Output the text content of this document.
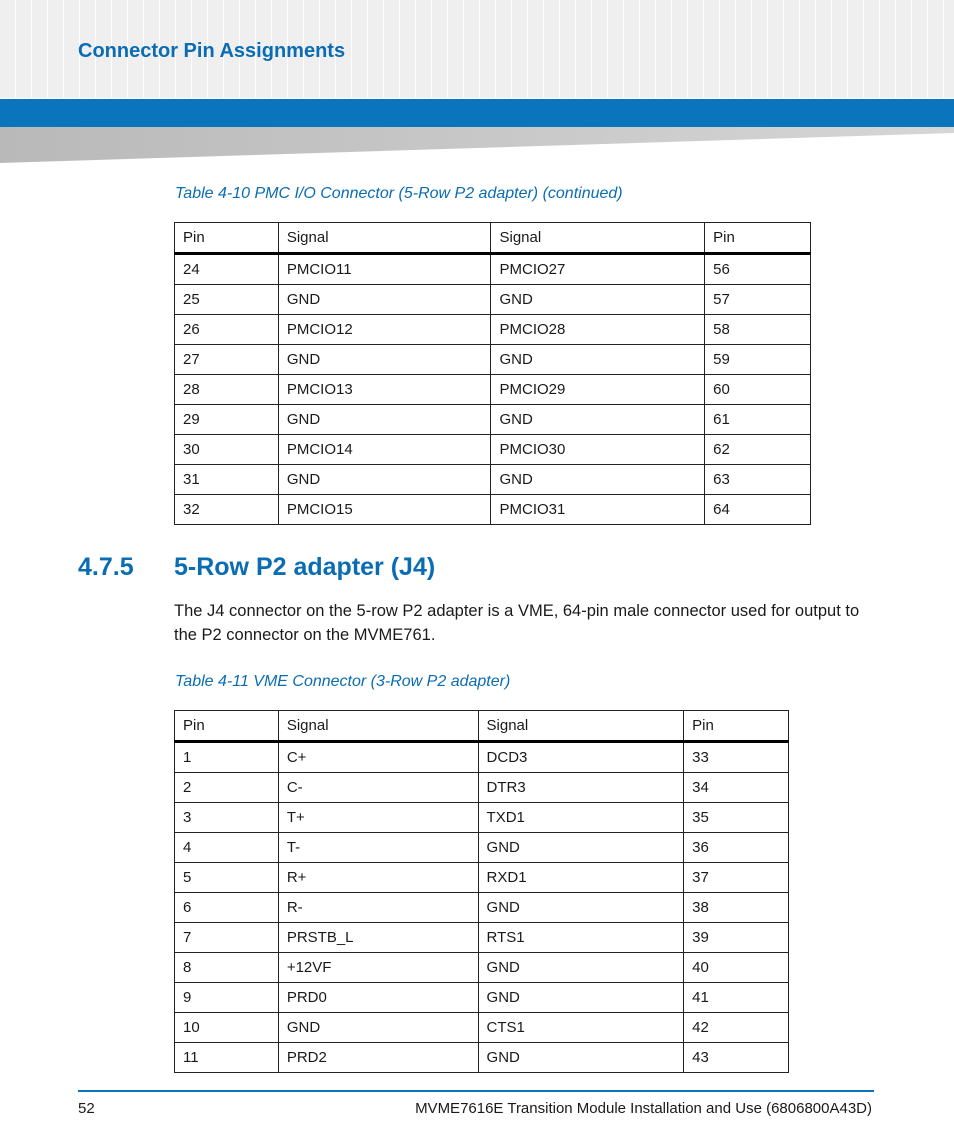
Connector Pin Assignments
Table 4-10 PMC I/O Connector (5-Row P2 adapter) (continued)
Pin	Signal	Signal	Pin
24	PMCIO11	PMCIO27	56
25	GND	GND	57
26	PMCIO12	PMCIO28	58
27	GND	GND	59
28	PMCIO13	PMCIO29	60
29	GND	GND	61
30	PMCIO14	PMCIO30	62
31	GND	GND	63
32	PMCIO15	PMCIO31	64
4.7.5 5-Row P2 adapter (J4)
The J4 connector on the 5-row P2 adapter is a VME, 64-pin male connector used for output to the P2 connector on the MVME761.
Table 4-11 VME Connector (3-Row P2 adapter)
Pin	Signal	Signal	Pin
1	C+	DCD3	33
2	C-	DTR3	34
3	T+	TXD1	35
4	T-	GND	36
5	R+	RXD1	37
6	R-	GND	38
7	PRSTB_L	RTS1	39
8	+12VF	GND	40
9	PRD0	GND	41
10	GND	CTS1	42
11	PRD2	GND	43
52	MVME7616E Transition Module Installation and Use (6806800A43D)
